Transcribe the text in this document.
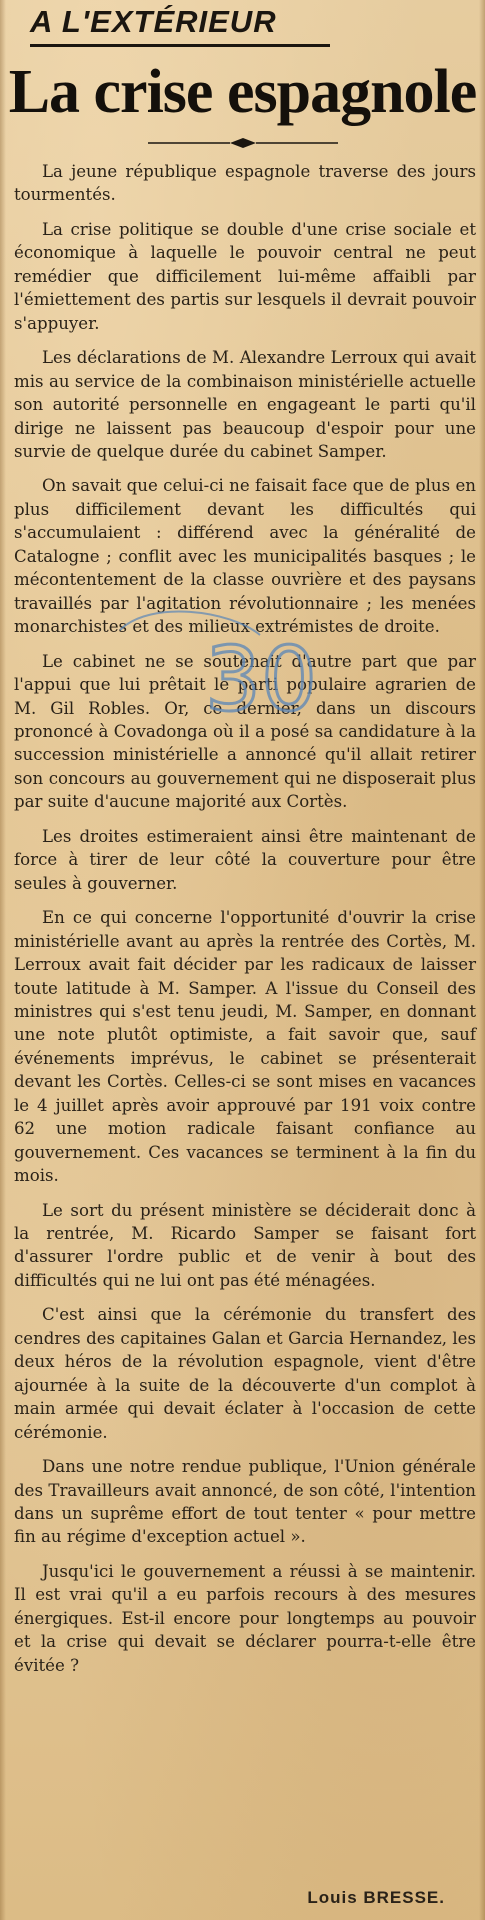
A L'EXTÉRIEUR
La crise espagnole

La jeune république espagnole traverse des jours tourmentés.

La crise politique se double d'une crise sociale et économique à laquelle le pouvoir central ne peut remédier que difficilement lui-même affaibli par l'émiettement des partis sur lesquels il devrait pouvoir s'appuyer.

Les déclarations de M. Alexandre Lerroux qui avait mis au service de la combinaison ministérielle actuelle son autorité personnelle en engageant le parti qu'il dirige ne laissent pas beaucoup d'espoir pour une survie de quelque durée du cabinet Samper.

On savait que celui-ci ne faisait face que de plus en plus difficilement devant les difficultés qui s'accumulaient : différend avec la généralité de Catalogne ; conflit avec les municipalités basques ; le mécontentement de la classe ouvrière et des paysans travaillés par l'agitation révolutionnaire ; les menées monarchistes et des milieux extrémistes de droite.

Le cabinet ne se soutenait d'autre part que par l'appui que lui prêtait le parti populaire agrarien de M. Gil Robles. Or, ce dernier, dans un discours prononcé à Covadonga où il a posé sa candidature à la succession ministérielle a annoncé qu'il allait retirer son concours au gouvernement qui ne disposerait plus par suite d'aucune majorité aux Cortès.

Les droites estimeraient ainsi être maintenant de force à tirer de leur côté la couverture pour être seules à gouverner.

En ce qui concerne l'opportunité d'ouvrir la crise ministérielle avant au après la rentrée des Cortès, M. Lerroux avait fait décider par les radicaux de laisser toute latitude à M. Samper. A l'issue du Conseil des ministres qui s'est tenu jeudi, M. Samper, en donnant une note plutôt optimiste, a fait savoir que, sauf événements imprévus, le cabinet se présenterait devant les Cortès. Celles-ci se sont mises en vacances le 4 juillet après avoir approuvé par 191 voix contre 62 une motion radicale faisant confiance au gouvernement. Ces vacances se terminent à la fin du mois.

Le sort du présent ministère se déciderait donc à la rentrée, M. Ricardo Samper se faisant fort d'assurer l'ordre public et de venir à bout des difficultés qui ne lui ont pas été ménagées.

C'est ainsi que la cérémonie du transfert des cendres des capitaines Galan et Garcia Hernandez, les deux héros de la révolution espagnole, vient d'être ajournée à la suite de la découverte d'un complot à main armée qui devait éclater à l'occasion de cette cérémonie.

Dans une notre rendue publique, l'Union générale des Travailleurs avait annoncé, de son côté, l'intention dans un suprême effort de tout tenter « pour mettre fin au régime d'exception actuel ».

Jusqu'ici le gouvernement a réussi à se maintenir. Il est vrai qu'il a eu parfois recours à des mesures énergiques. Est-il encore pour longtemps au pouvoir et la crise qui devait se déclarer pourra-t-elle être évitée ?

30
Louis BRESSE.
